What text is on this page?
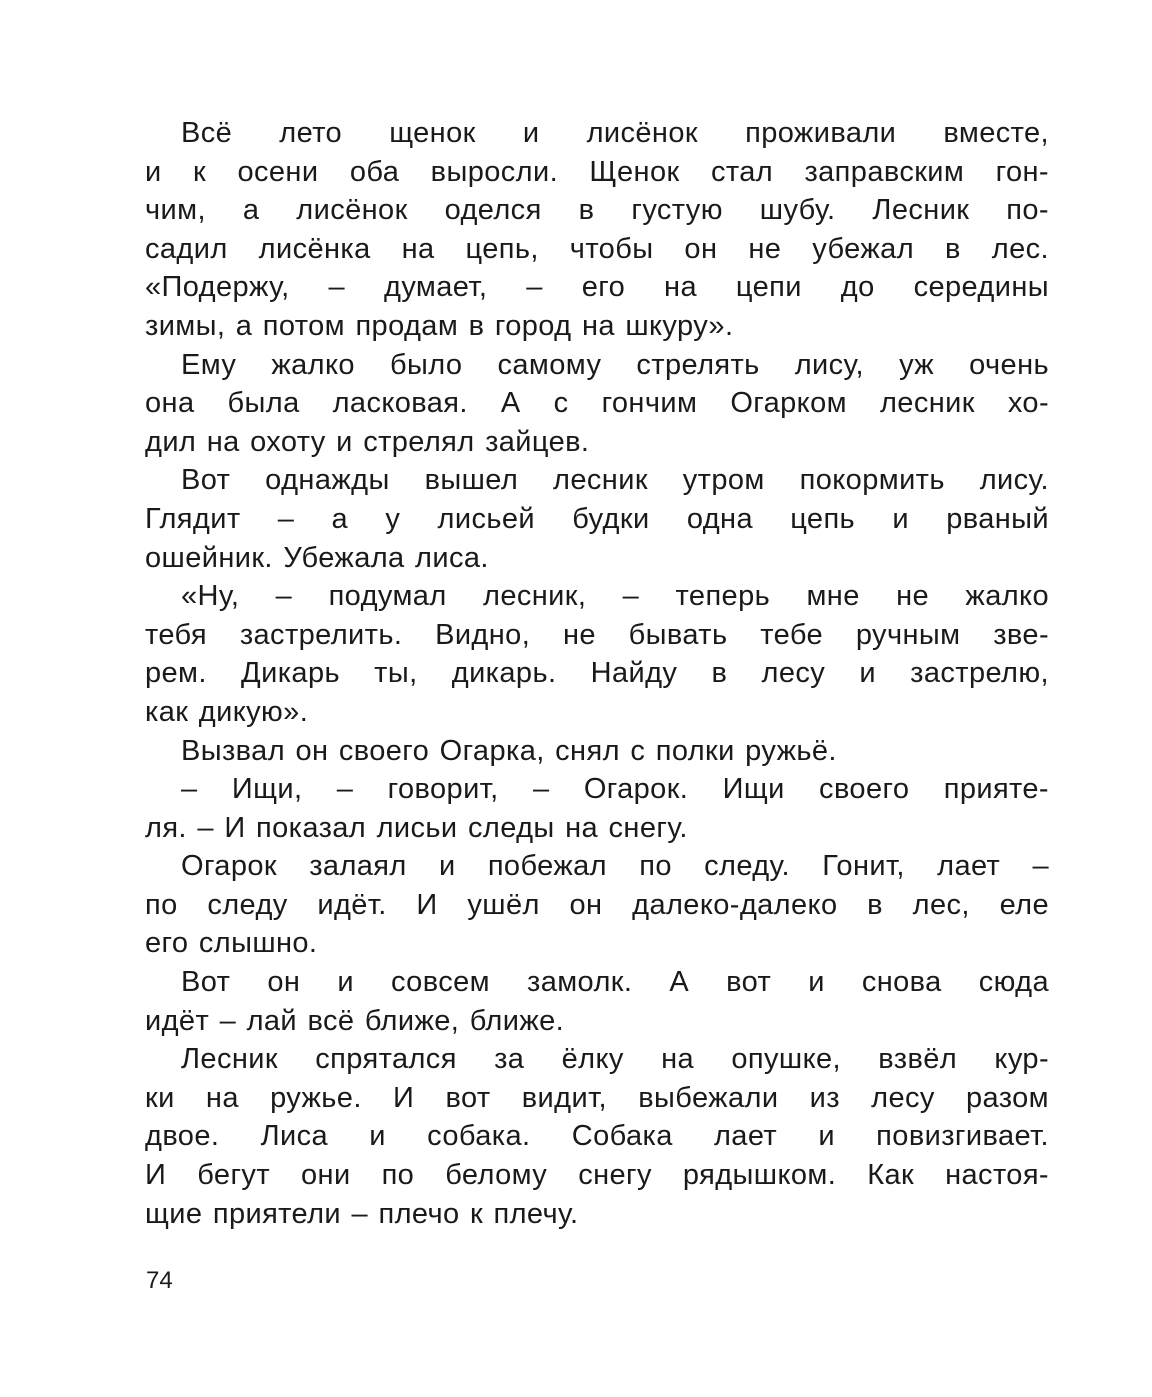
Всё лето щенок и лисёнок проживали вместе,
и к осени оба выросли. Щенок стал заправским гон-
чим, а лисёнок оделся в густую шубу. Лесник по-
садил лисёнка на цепь, чтобы он не убежал в лес.
«Подержу, – думает, – его на цепи до середины
зимы, а потом продам в город на шкуру».
Ему жалко было самому стрелять лису, уж очень
она была ласковая. А с гончим Огарком лесник хо-
дил на охоту и стрелял зайцев.
Вот однажды вышел лесник утром покормить лису.
Глядит – а у лисьей будки одна цепь и рваный
ошейник. Убежала лиса.
«Ну, – подумал лесник, – теперь мне не жалко
тебя застрелить. Видно, не бывать тебе ручным зве-
рем. Дикарь ты, дикарь. Найду в лесу и застрелю,
как дикую».
Вызвал он своего Огарка, снял с полки ружьё.
– Ищи, – говорит, – Огарок. Ищи своего прияте-
ля. – И показал лисьи следы на снегу.
Огарок залаял и побежал по следу. Гонит, лает –
по следу идёт. И ушёл он далеко-далеко в лес, еле
его слышно.
Вот он и совсем замолк. А вот и снова сюда
идёт – лай всё ближе, ближе.
Лесник спрятался за ёлку на опушке, взвёл кур-
ки на ружье. И вот видит, выбежали из лесу разом
двое. Лиса и собака. Собака лает и повизгивает.
И бегут они по белому снегу рядышком. Как настоя-
щие приятели – плечо к плечу.
74
